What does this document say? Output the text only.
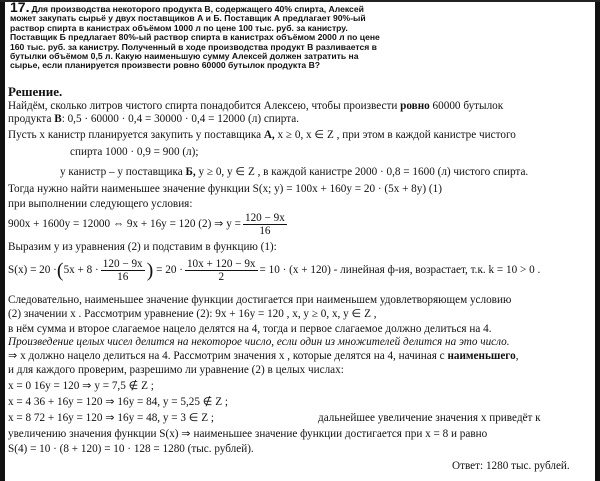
17. Для производства некоторого продукта В, содержащего 40% спирта, Алексей
может закупать сырьё у двух поставщиков А и Б. Поставщик А предлагает 90%-ый
раствор спирта в канистрах объёмом 1000 л по цене 100 тыс. руб. за канистру.
Поставщик Б предлагает 80%-ый раствор спирта в канистрах объёмом 2000 л по цене
160 тыс. руб. за канистру. Полученный в ходе производства продукт В разливается в
бутылки объёмом 0,5 л. Какую наименьшую сумму Алексей должен затратить на
сырье, если планируется произвести ровно 60000 бутылок продукта В?
Решение.
Найдём, сколько литров чистого спирта понадобится Алексею, чтобы произвести ровно 60000 бутылок
продукта В: 0,5 · 60000 · 0,4 = 30000 · 0,4 = 12000 (л) спирта.
Пусть x канистр планируется закупить у поставщика А, x ≥ 0, x ∈ Z , при этом в каждой канистре чистого
спирта 1000 · 0,9 = 900 (л);
y канистр – у поставщика Б, y ≥ 0, y ∈ Z , в каждой канистре 2000 · 0,8 = 1600 (л) чистого спирта.
Тогда нужно найти наименьшее значение функции S(x; y) = 100x + 160y = 20 · (5x + 8y) (1)
при выполнении следующего условия:
900x + 1600y = 12000 ⇔ 9x + 16y = 120 (2) ⇒ $y = \frac{120 - 9x}{16}$
Выразим y из уравнения (2) и подставим в функцию (1):
$S(x) = 20 \cdot(5x + 8 \cdot \frac{120 - 9x}{16}$ ) = $20 \cdot \frac{10x + 120 - 9x}{2} = 10 \cdot (x + 120)$ - линейная ф-ия, возрастает, т.к. k = 10 > 0 .
Следовательно, наименьшее значение функции достигается при наименьшем удовлетворяющем условию
(2) значении x . Рассмотрим уравнение (2): 9x + 16y = 120 , x, y ≥ 0, x, y ∈ Z ,
в нём сумма и второе слагаемое нацело делятся на 4, тогда и первое слагаемое должно делиться на 4.
Произведение целых чисел делится на некоторое число, если один из множителей делится на это число.
⇒ x должно нацело делиться на 4. Рассмотрим значения x , которые делятся на 4, начиная с наименьшего,
и для каждого проверим, разрешимо ли уравнение (2) в целых числах:
x = 0 16y = 120 ⇒ y = 7,5 ∉ Z ;
x = 4 36 + 16y = 120 ⇒ 16y = 84, y = 5,25 ∉ Z ;
x = 8 72 + 16y = 120 ⇒ 16y = 48, y = 3 ∈ Z ;	дальнейшее увеличение значения x приведёт к
увеличению значения функции S(x) ⇒ наименьшее значение функции достигается при x = 8 и равно
S(4) = 10 · (8 + 120) = 10 · 128 = 1280 (тыс. рублей).
Ответ: 1280 тыс. рублей.
